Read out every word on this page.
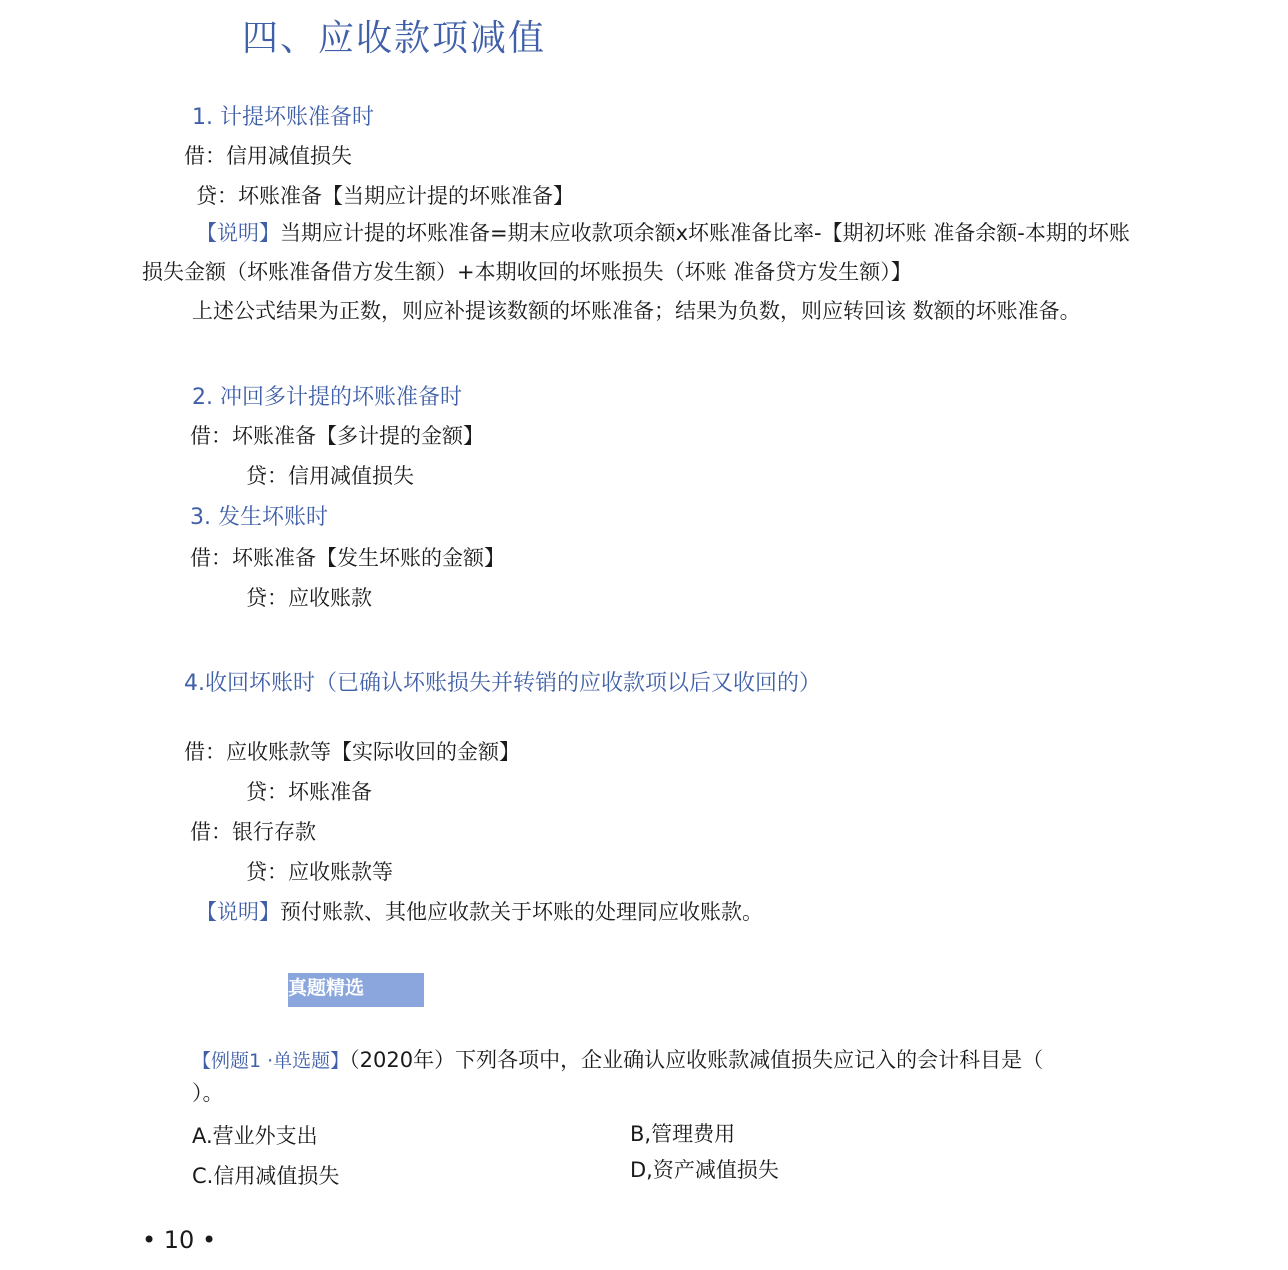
四、应收款项减值
1. 计提坏账准备时
借：信用减值损失
贷：坏账准备【当期应计提的坏账准备】
【说明】当期应计提的坏账准备=期末应收款项余额x坏账准备比率-【期初坏账 准备余额-本期的坏账损失金额（坏账准备借方发生额）+本期收回的坏账损失（坏账 准备贷方发生额）】
上述公式结果为正数，则应补提该数额的坏账准备；结果为负数，则应转回该 数额的坏账准备。
2. 冲回多计提的坏账准备时
借：坏账准备【多计提的金额】
贷：信用减值损失
3. 发生坏账时
借：坏账准备【发生坏账的金额】
贷：应收账款
4.收回坏账时（已确认坏账损失并转销的应收款项以后又收回的）
借：应收账款等【实际收回的金额】
贷：坏账准备
借：银行存款
贷：应收账款等
【说明】预付账款、其他应收款关于坏账的处理同应收账款。
真题精选
【例题1 ·单选题】（2020年）下列各项中，企业确认应收账款减值损失应记入的会计科目是（ ）。
A.营业外支出	B,管理费用
C.信用减值损失	D,资产减值损失
• 10 •
